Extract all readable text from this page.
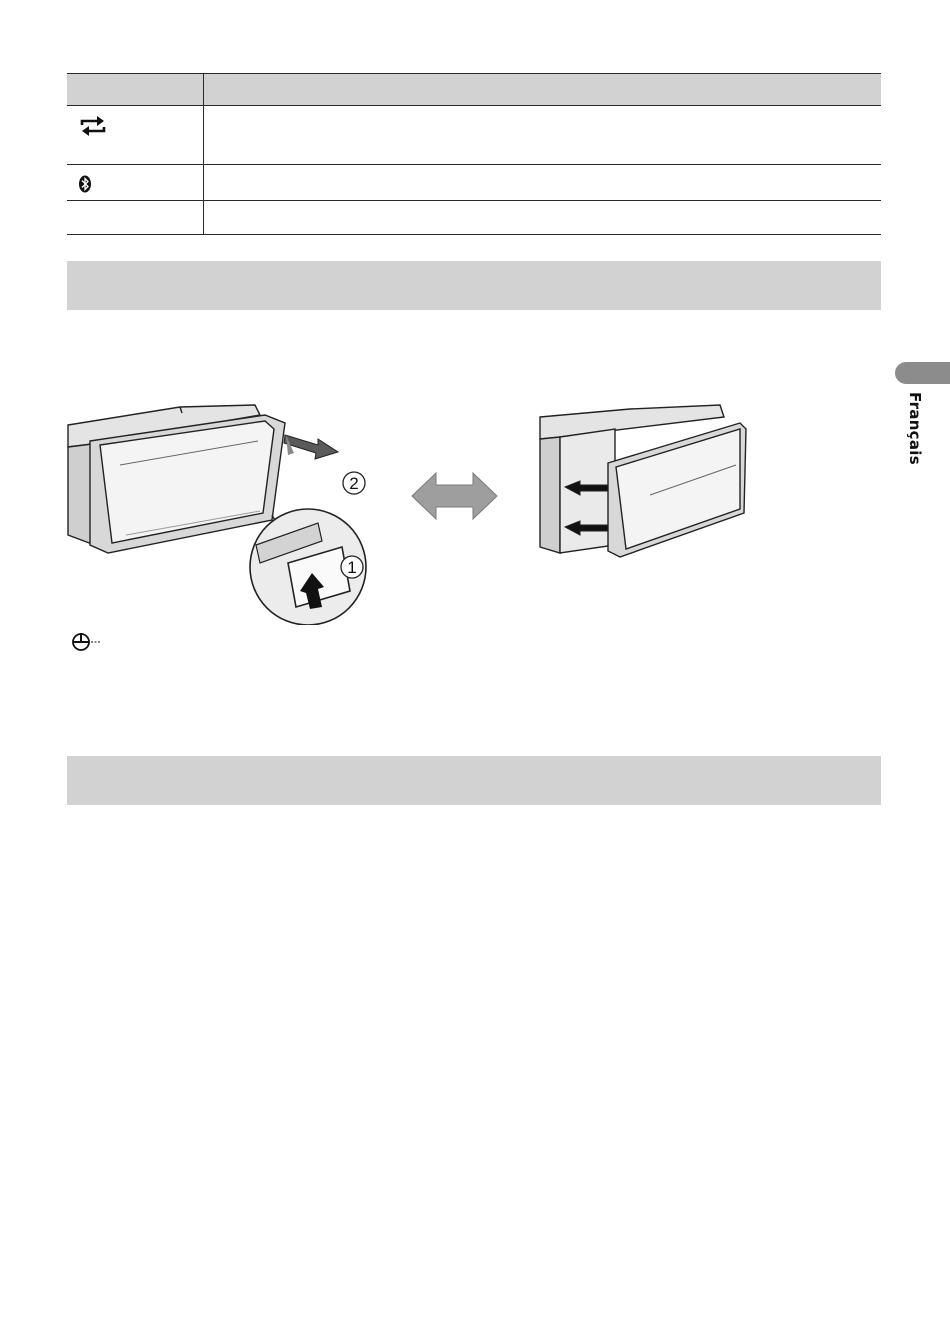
Français
2
1
